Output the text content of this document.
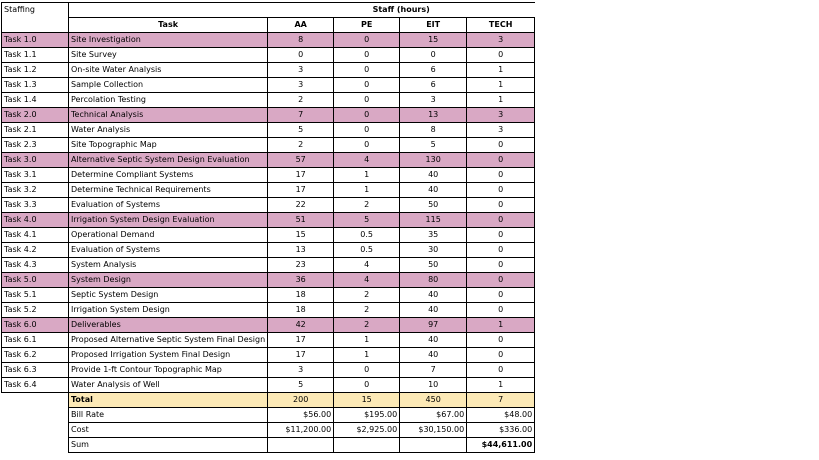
Staffing		Staff (hours)			
	Task	AA	PE	EIT	TECH
Task 1.0	Site Investigation	8	0	15	3
Task 1.1	Site Survey	0	0	0	0
Task 1.2	On-site Water Analysis	3	0	6	1
Task 1.3	Sample Collection	3	0	6	1
Task 1.4	Percolation Testing	2	0	3	1
Task 2.0	Technical Analysis	7	0	13	3
Task 2.1	Water Analysis	5	0	8	3
Task 2.3	Site Topographic Map	2	0	5	0
Task 3.0	Alternative Septic System Design Evaluation	57	4	130	0
Task 3.1	Determine Compliant Systems	17	1	40	0
Task 3.2	Determine Technical Requirements	17	1	40	0
Task 3.3	Evaluation of Systems	22	2	50	0
Task 4.0	Irrigation System Design Evaluation	51	5	115	0
Task 4.1	Operational Demand	15	0.5	35	0
Task 4.2	Evaluation of Systems	13	0.5	30	0
Task 4.3	System Analysis	23	4	50	0
Task 5.0	System Design	36	4	80	0
Task 5.1	Septic System Design	18	2	40	0
Task 5.2	Irrigation System Design	18	2	40	0
Task 6.0	Deliverables	42	2	97	1
Task 6.1	Proposed Alternative Septic System Final Design	17	1	40	0
Task 6.2	Proposed Irrigation System Final Design	17	1	40	0
Task 6.3	Provide 1-ft Contour Topographic Map	3	0	7	0
Task 6.4	Water Analysis of Well	5	0	10	1
	Total	200	15	450	7
	Bill Rate	$56.00	$195.00	$67.00	$48.00
	Cost	$11,200.00	$2,925.00	$30,150.00	$336.00
	Sum				$44,611.00
